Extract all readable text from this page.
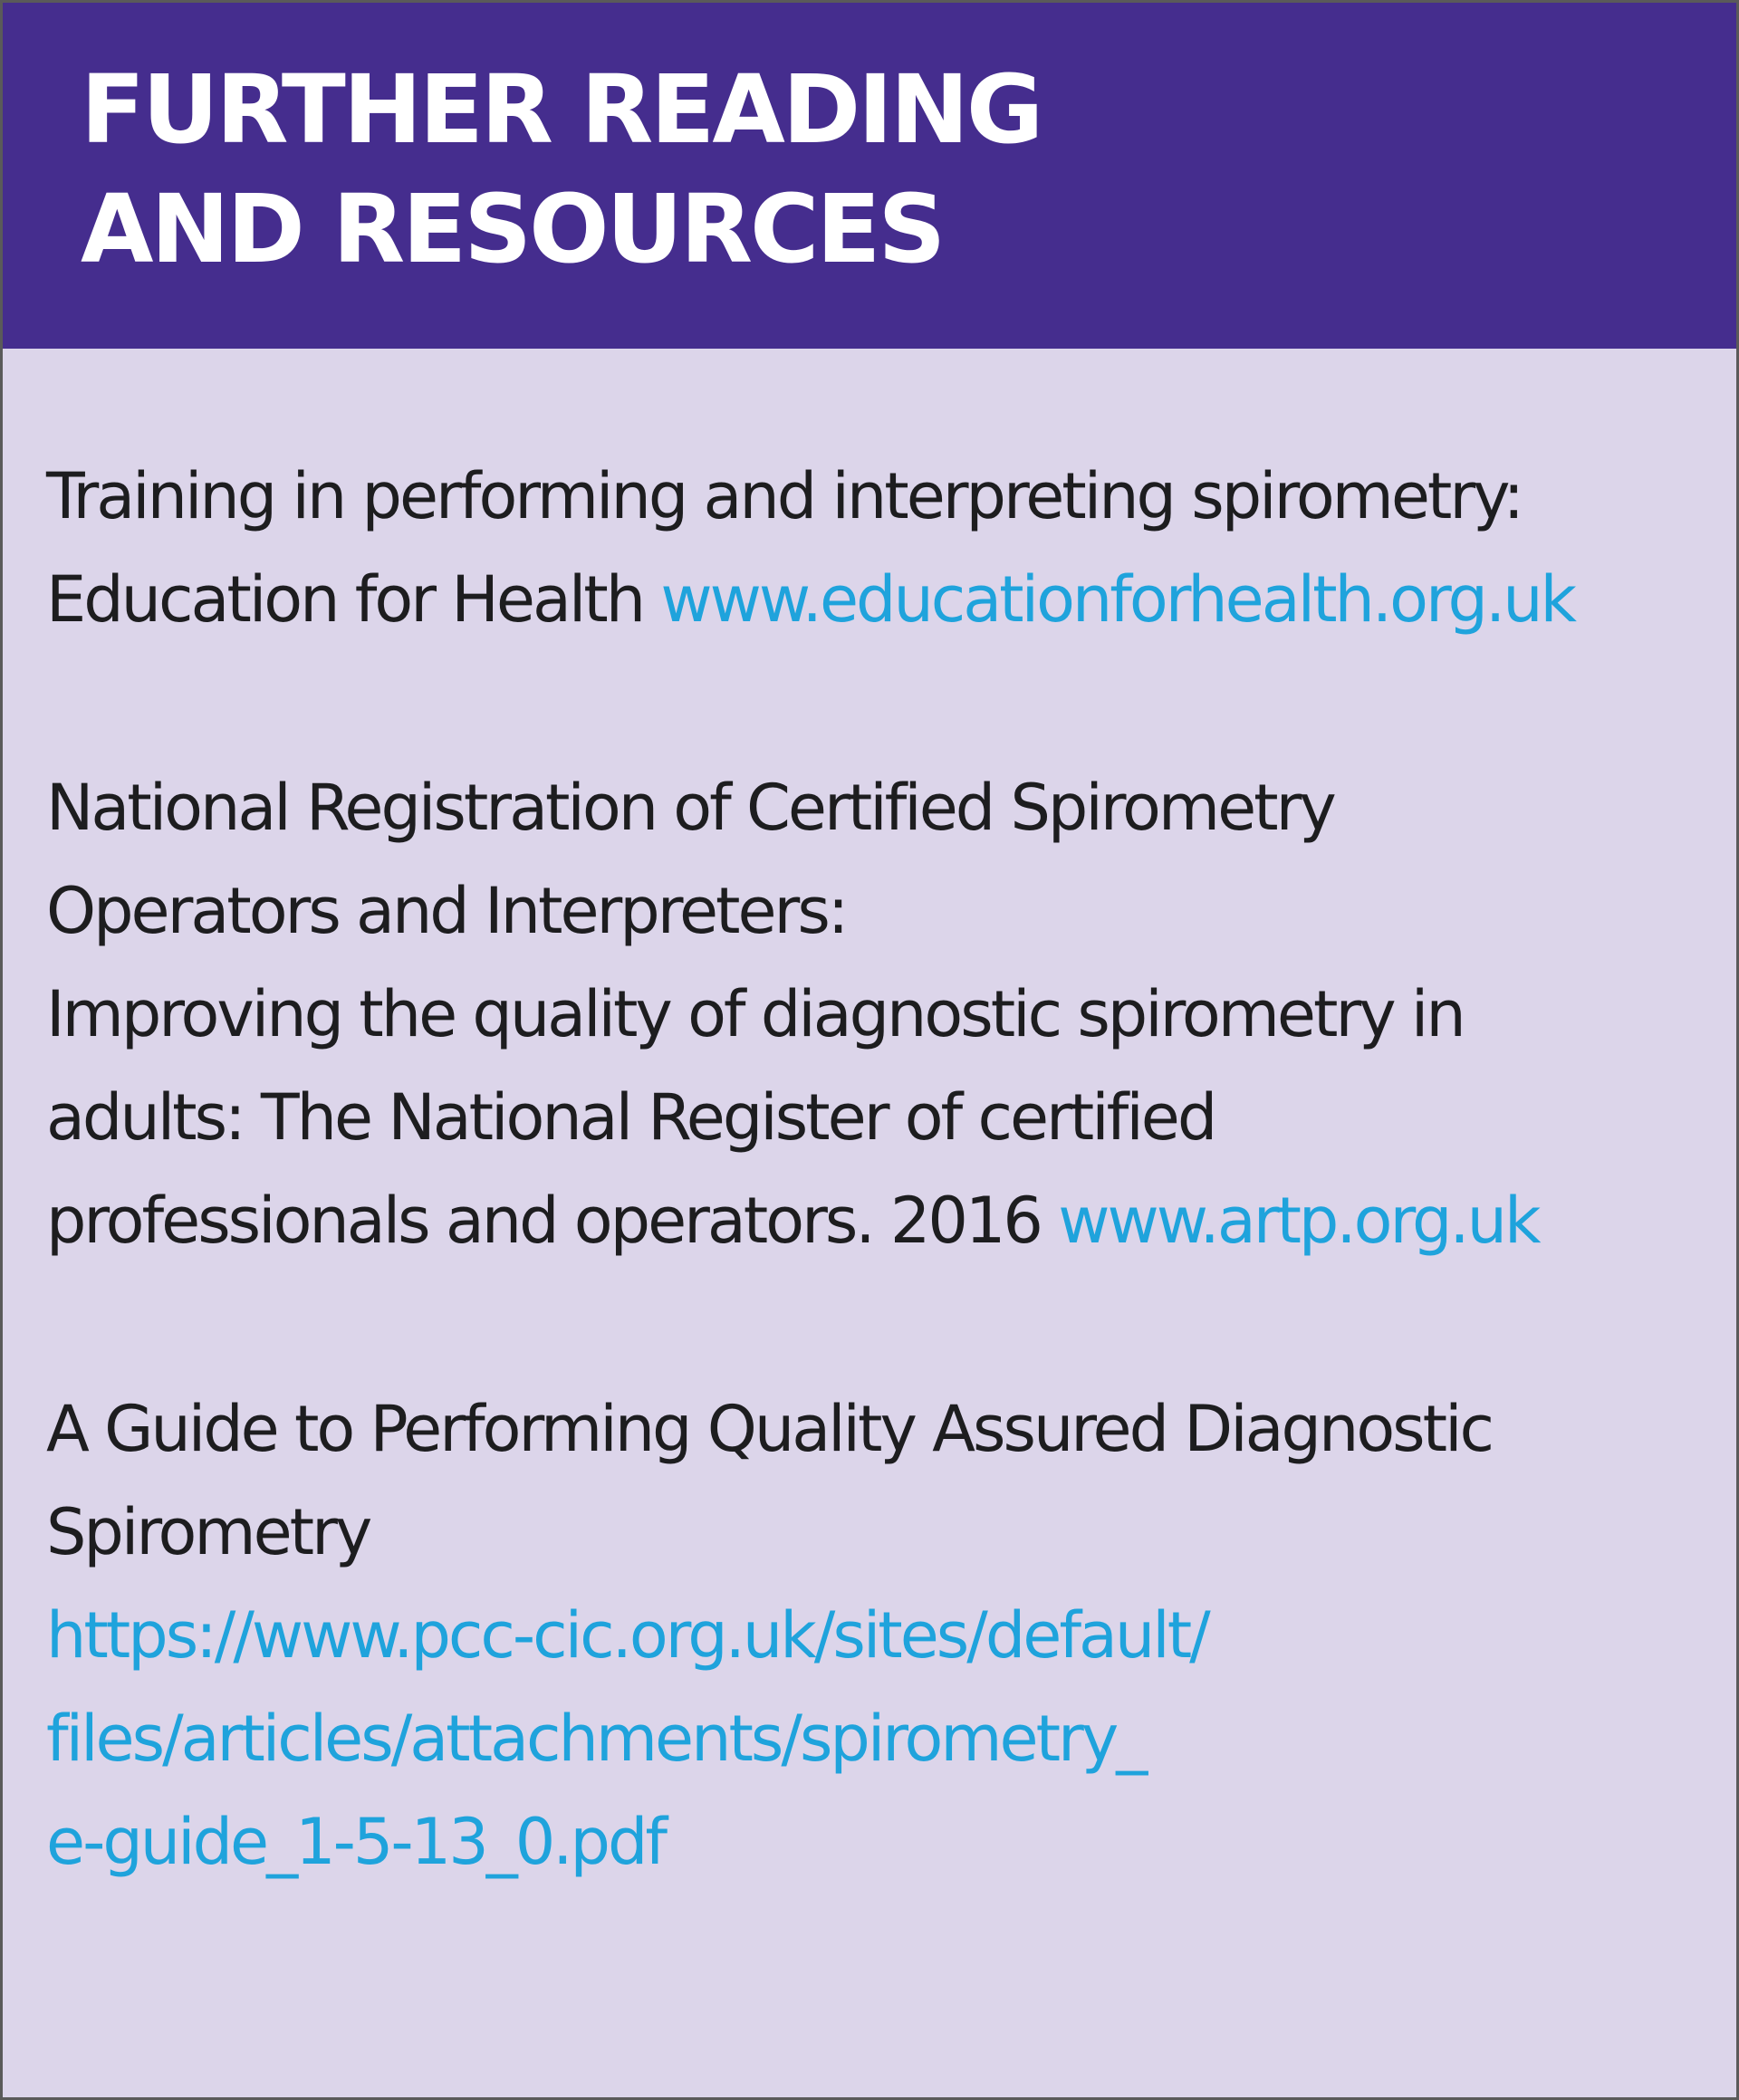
FURTHER READING
AND RESOURCES
Training in performing and interpreting spirometry:
Education for Health www.educationforhealth.org.uk
National Registration of Certified Spirometry
Operators and Interpreters:
Improving the quality of diagnostic spirometry in
adults: The National Register of certified
professionals and operators. 2016 www.artp.org.uk
A Guide to Performing Quality Assured Diagnostic
Spirometry
https://www.pcc-cic.org.uk/sites/default/
files/articles/attachments/spirometry_
e-guide_1-5-13_0.pdf
